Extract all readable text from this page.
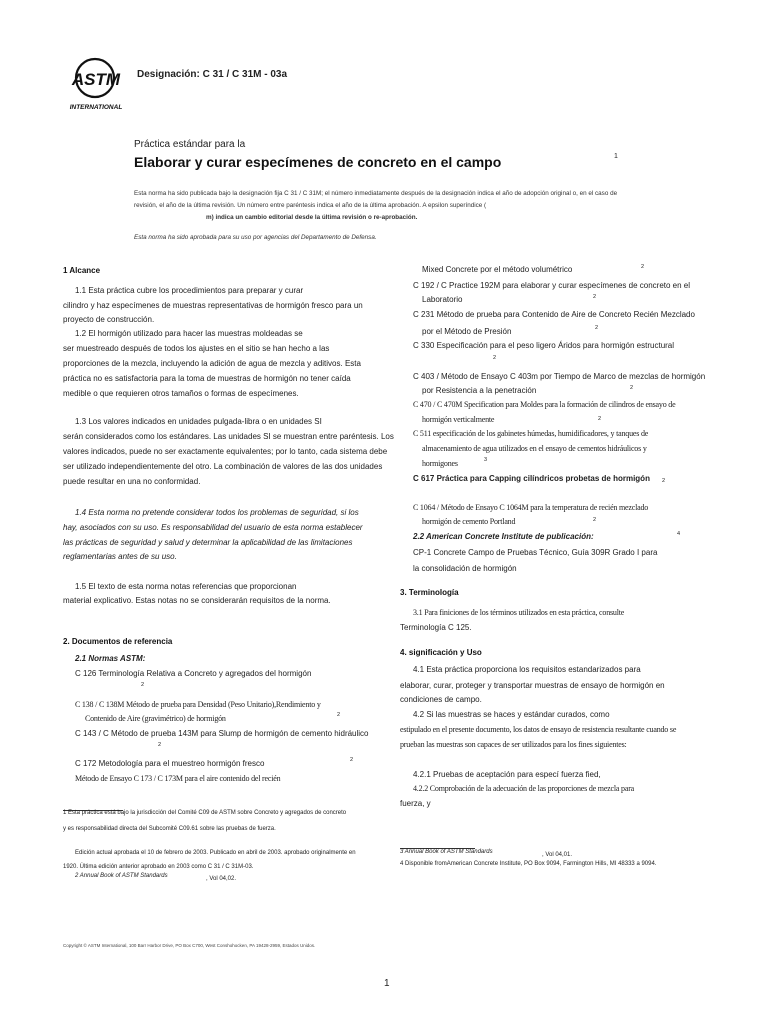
ASTM
INTERNATIONAL
Designación: C 31 / C 31M - 03a
Práctica estándar para la
Elaborar y curar especímenes de concreto en el campo	1
Esta norma ha sido publicada bajo la designación fija C 31 / C 31M; el número inmediatamente después de la designación indica el año de adopción original o, en el caso de
revisión, el año de la última revisión. Un número entre paréntesis indica el año de la última aprobación. A epsilon superíndice (
m) indica un cambio editorial desde la última revisión o re-aprobación.
Esta norma ha sido aprobada para su uso por agencias del Departamento de Defensa.
1 Alcance
1.1 Esta práctica cubre los procedimientos para preparar y curar
cilindro y haz especímenes de muestras representativas de hormigón fresco para un
proyecto de construcción.
1.2 El hormigón utilizado para hacer las muestras moldeadas se
ser muestreado después de todos los ajustes en el sitio se han hecho a las
proporciones de la mezcla, incluyendo la adición de agua de mezcla y aditivos. Esta
práctica no es satisfactoria para la toma de muestras de hormigón no tener caída
medible o que requieren otros tamaños o formas de especímenes.
1.3 Los valores indicados en unidades pulgada-libra o en unidades SI
serán considerados como los estándares. Las unidades SI se muestran entre paréntesis. Los
valores indicados, puede no ser exactamente equivalentes; por lo tanto, cada sistema debe
ser utilizado independientemente del otro. La combinación de valores de las dos unidades
puede resultar en una no conformidad.
1.4 Esta norma no pretende considerar todos los problemas de seguridad, si los
hay, asociados con su uso. Es responsabilidad del usuario de esta norma establecer
las prácticas de seguridad y salud y determinar la aplicabilidad de las limitaciones
reglamentarias antes de su uso.
1.5 El texto de esta norma notas referencias que proporcionan
material explicativo. Estas notas no se considerarán requisitos de la norma.
2. Documentos de referencia
2.1 Normas ASTM:
C 126 Terminología Relativa a Concreto y agregados del hormigón
2
C 138 / C 138M Método de prueba para Densidad (Peso Unitario),Rendimiento y
Contenido de Aire (gravimétrico) de hormigón	2
C 143 / C Método de prueba 143M para Slump de hormigón de cemento hidráulico
2
C 172 Metodología para el muestreo hormigón fresco	2
Método de Ensayo C 173 / C 173M para el aire contenido del recién
Mixed Concrete por el método volumétrico	2
C 192 / C Practice 192M para elaborar y curar especímenes de concreto en el
Laboratorio	2
C 231 Método de prueba para Contenido de Aire de Concreto Recién Mezclado
por el Método de Presión	2
C 330 Especificación para el peso ligero Áridos para hormigón estructural
2
C 403 / Método de Ensayo C 403m por Tiempo de Marco de mezclas de hormigón
por Resistencia a la penetración	2
C 470 / C 470M Specification para Moldes para la formación de cilindros de ensayo de
hormigón verticalmente	2
C 511 especificación de los gabinetes húmedas, humidificadores, y tanques de
almacenamiento de agua utilizados en el ensayo de cementos hidráulicos y
hormigones	3
C 617 Práctica para Capping cilíndricos probetas de hormigón 2
C 1064 / Método de Ensayo C 1064M para la temperatura de recién mezclado
hormigón de cemento Portland	2
2.2 American Concrete Institute de publicación:	4
CP-1 Concrete Campo de Pruebas Técnico, Guía 309R Grado I para
la consolidación de hormigón
3. Terminología
3.1 Para finiciones de los términos utilizados en esta práctica, consulte
Terminología C 125.
4. significación y Uso
4.1 Esta práctica proporciona los requisitos estandarizados para
elaborar, curar, proteger y transportar muestras de ensayo de hormigón en
condiciones de campo.
4.2 Si las muestras se haces y estándar curados, como
estipulado en el presente documento, los datos de ensayo de resistencia resultante cuando se
prueban las muestras son capaces de ser utilizados para los fines siguientes:
4.2.1 Pruebas de aceptación para especí fuerza fied,
4.2.2 Comprobación de la adecuación de las proporciones de mezcla para
fuerza, y
1 Esta práctica está bajo la jurisdicción del Comité C09 de ASTM sobre Concreto y agregados de concreto
y es responsabilidad directa del Subcomité C09.61 sobre las pruebas de fuerza.
Edición actual aprobada el 10 de febrero de 2003. Publicado en abril de 2003. aprobado originalmente en
1920. Última edición anterior aprobado en 2003 como C 31 / C 31M-03.
2 Annual Book of ASTM Standards	, Vol 04,02.
3 Annual Book of ASTM Standards	, Vol 04,01.
4 Disponible fromAmerican Concrete Institute, PO Box 9094, Farmington Hills, MI 48333 a 9094.
Copyright © ASTM International, 100 Barr Harbor Drive, PO Box C700, West Conshohocken, PA 19428-2959, Estados Unidos.
1
